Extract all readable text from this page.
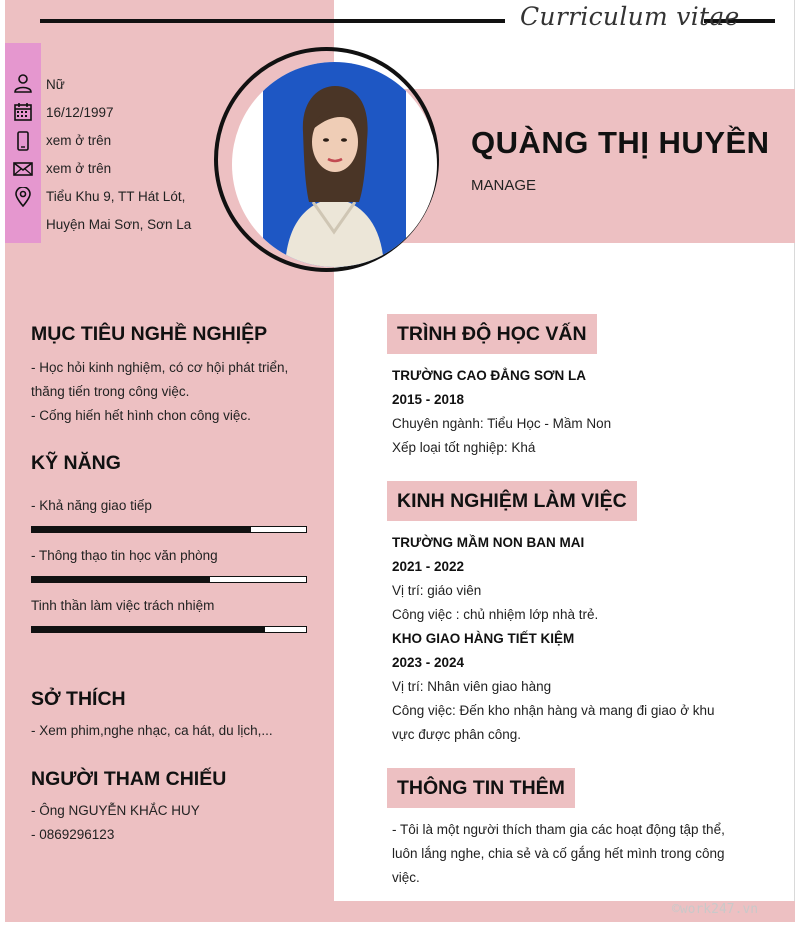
Curriculum vitae
Nữ
16/12/1997
xem ở trên
xem ở trên
Tiểu Khu 9, TT Hát Lót,
Huyện Mai Sơn, Sơn La
QUÀNG THỊ HUYỀN
MANAGE
MỤC TIÊU NGHỀ NGHIỆP
- Học hỏi kinh nghiệm, có cơ hội phát triển,
thăng tiến trong công việc.
- Cống hiến hết hình chon công việc.
KỸ NĂNG
- Khả năng giao tiếp
- Thông thạo tin học văn phòng
Tinh thần làm việc trách nhiệm
SỞ THÍCH
- Xem phim,nghe nhạc, ca hát, du lịch,...
NGƯỜI THAM CHIẾU
- Ông NGUYỄN KHẮC HUY
- 0869296123
TRÌNH ĐỘ HỌC VẤN
TRƯỜNG CAO ĐẲNG SƠN LA
2015 - 2018
Chuyên ngành: Tiểu Học - Mầm Non
Xếp loại tốt nghiệp: Khá
KINH NGHIỆM LÀM VIỆC
TRƯỜNG MẦM NON BAN MAI
2021 - 2022
Vị trí: giáo viên
Công việc : chủ nhiệm lớp nhà trẻ.
KHO GIAO HÀNG TIẾT KIỆM
2023 - 2024
Vị trí: Nhân viên giao hàng
Công việc: Đến kho nhận hàng và mang đi giao ở khu
vực được phân công.
THÔNG TIN THÊM
- Tôi là một người thích tham gia các hoạt động tập thể,
luôn lắng nghe, chia sẻ và cố gắng hết mình trong công
việc.
©work247.vn
